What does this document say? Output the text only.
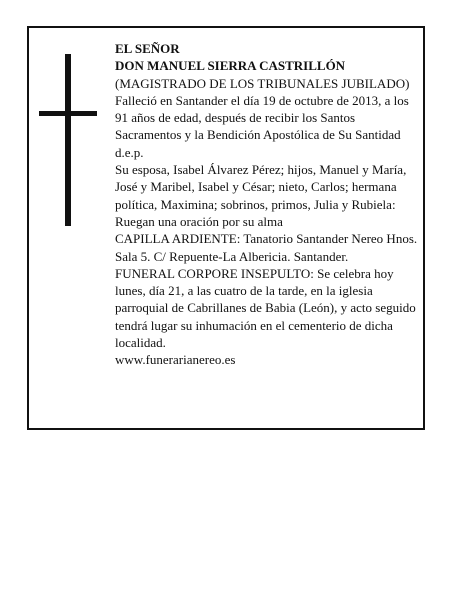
EL SEÑOR

DON MANUEL SIERRA CASTRILLÓN

(MAGISTRADO DE LOS TRIBUNALES JUBILADO)

Falleció en Santander el día 19 de octubre de 2013, a los 91 años de edad, después de recibir los Santos Sacramentos y la Bendición Apostólica de Su Santidad d.e.p.

Su esposa, Isabel Álvarez Pérez; hijos, Manuel y María, José y Maribel, Isabel y César; nieto, Carlos; hermana política, Maximina; sobrinos, primos, Julia y Rubiela: Ruegan una oración por su alma

CAPILLA ARDIENTE: Tanatorio Santander Nereo Hnos. Sala 5. C/ Repuente-La Albericia. Santander.

FUNERAL CORPORE INSEPULTO: Se celebra hoy lunes, día 21, a las cuatro de la tarde, en la iglesia parroquial de Cabrillanes de Babia (León), y acto seguido tendrá lugar su inhumación en el cementerio de dicha localidad.

www.funerarianereo.es
